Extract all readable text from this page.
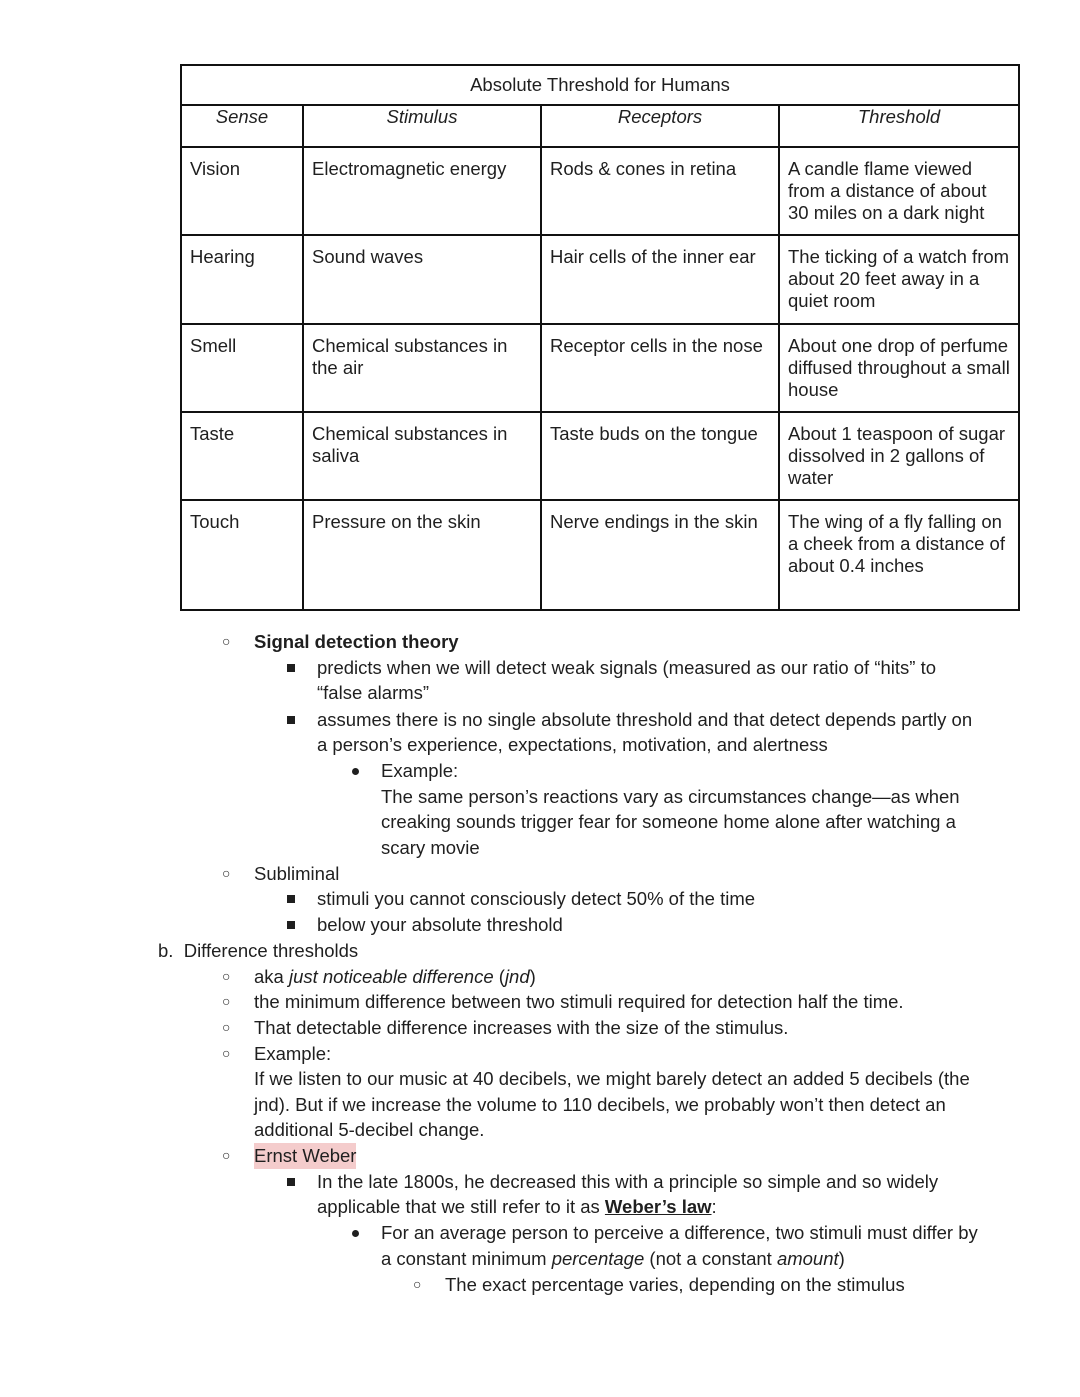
Absolute Threshold for Humans			
Sense	Stimulus	Receptors	Threshold
Vision	Electromagnetic energy	Rods & cones in retina	A candle flame viewed from a distance of about 30 miles on a dark night
Hearing	Sound waves	Hair cells of the inner ear	The ticking of a watch from about 20 feet away in a quiet room
Smell	Chemical substances in the air	Receptor cells in the nose	About one drop of perfume diffused throughout a small house
Taste	Chemical substances in saliva	Taste buds on the tongue	About 1 teaspoon of sugar dissolved in 2 gallons of water
Touch	Pressure on the skin	Nerve endings in the skin	The wing of a fly falling on a cheek from a distance of about 0.4 inches
○ Signal detection theory
predicts when we will detect weak signals (measured as our ratio of “hits” to
“false alarms”
assumes there is no single absolute threshold and that detect depends partly on
a person’s experience, expectations, motivation, and alertness
Example:
The same person’s reactions vary as circumstances change—as when
creaking sounds trigger fear for someone home alone after watching a
scary movie
○ Subliminal
stimuli you cannot consciously detect 50% of the time
below your absolute threshold
b.  Difference thresholds
○ aka just noticeable difference (jnd)
○ the minimum difference between two stimuli required for detection half the time.
○ That detectable difference increases with the size of the stimulus.
○ Example:
If we listen to our music at 40 decibels, we might barely detect an added 5 decibels (the
jnd). But if we increase the volume to 110 decibels, we probably won’t then detect an
additional 5-decibel change.
○ Ernst Weber
In the late 1800s, he decreased this with a principle so simple and so widely
applicable that we still refer to it as Weber’s law:
For an average person to perceive a difference, two stimuli must differ by
a constant minimum percentage (not a constant amount)
○ The exact percentage varies, depending on the stimulus
